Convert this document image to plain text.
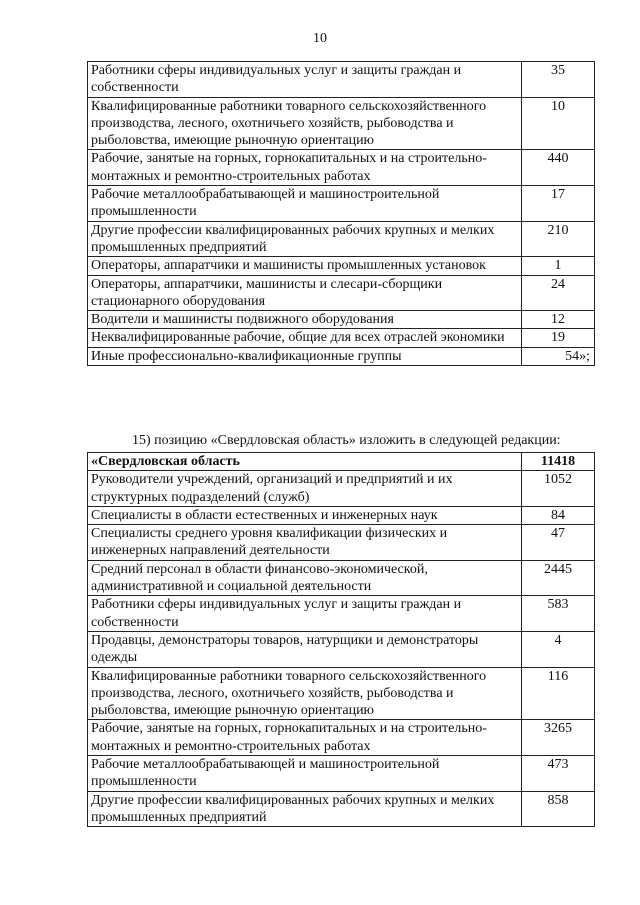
10
Работники сферы индивидуальных услуг и защиты граждан и собственности	35
Квалифицированные работники товарного сельскохозяйственного производства, лесного, охотничьего хозяйств, рыбоводства и рыболовства, имеющие рыночную ориентацию	10
Рабочие, занятые на горных, горнокапитальных и на строительно-монтажных и ремонтно-строительных работах	440
Рабочие металлообрабатывающей и машиностроительной промышленности	17
Другие профессии квалифицированных рабочих крупных и мелких промышленных предприятий	210
Операторы, аппаратчики и машинисты промышленных установок	1
Операторы, аппаратчики, машинисты и слесари-сборщики стационарного оборудования	24
Водители и машинисты подвижного оборудования	12
Неквалифицированные рабочие, общие для всех отраслей экономики	19
Иные профессионально-квалификационные группы	54»;
15) позицию «Свердловская область» изложить в следующей редакции:
«Свердловская область	11418
Руководители учреждений, организаций и предприятий и их структурных подразделений (служб)	1052
Специалисты в области естественных и инженерных наук	84
Специалисты среднего уровня квалификации физических и инженерных направлений деятельности	47
Средний персонал в области финансово-экономической, административной и социальной деятельности	2445
Работники сферы индивидуальных услуг и защиты граждан и собственности	583
Продавцы, демонстраторы товаров, натурщики и демонстраторы одежды	4
Квалифицированные работники товарного сельскохозяйственного производства, лесного, охотничьего хозяйств, рыбоводства и рыболовства, имеющие рыночную ориентацию	116
Рабочие, занятые на горных, горнокапитальных и на строительно-монтажных и ремонтно-строительных работах	3265
Рабочие металлообрабатывающей и машиностроительной промышленности	473
Другие профессии квалифицированных рабочих крупных и мелких промышленных предприятий	858
